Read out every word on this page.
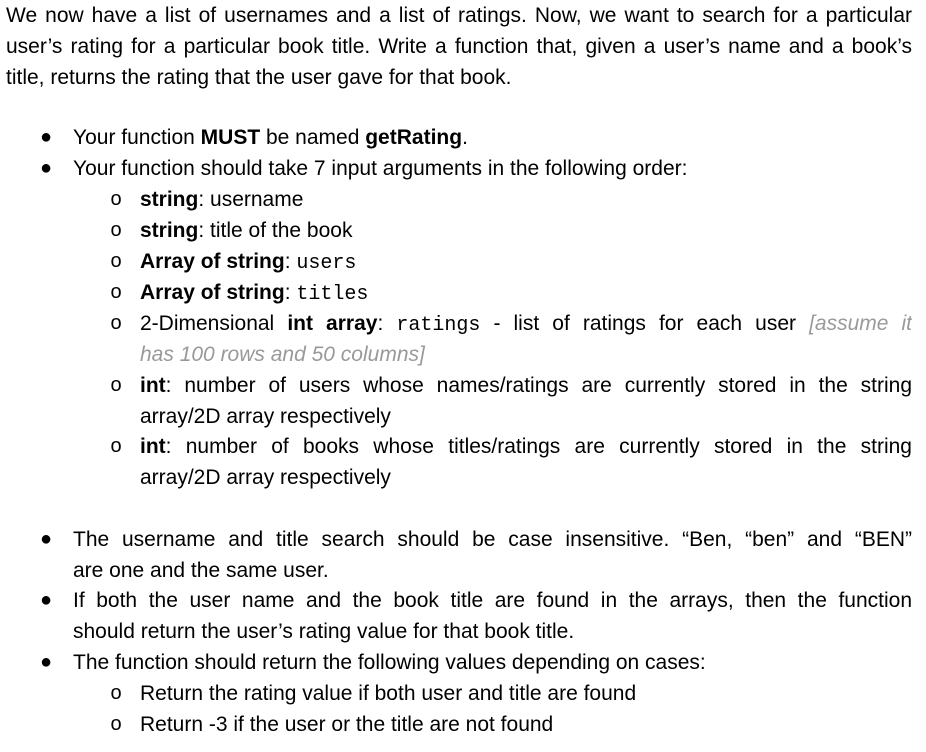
We now have a list of usernames and a list of ratings. Now, we want to search for a particular user’s rating for a particular book title. Write a function that, given a user’s name and a book’s title, returns the rating that the user gave for that book.

● Your function MUST be named getRating.
● Your function should take 7 input arguments in the following order:
o string: username
o string: title of the book
o Array of string: users
o Array of string: titles
o 2-Dimensional int array: ratings - list of ratings for each user [assume it
has 100 rows and 50 columns]
o int: number of users whose names/ratings are currently stored in the string
array/2D array respectively
o int: number of books whose titles/ratings are currently stored in the string
array/2D array respectively
● The username and title search should be case insensitive. “Ben, “ben” and “BEN”
are one and the same user.
● If both the user name and the book title are found in the arrays, then the function
should return the user’s rating value for that book title.
● The function should return the following values depending on cases:
o Return the rating value if both user and title are found
o Return -3 if the user or the title are not found
